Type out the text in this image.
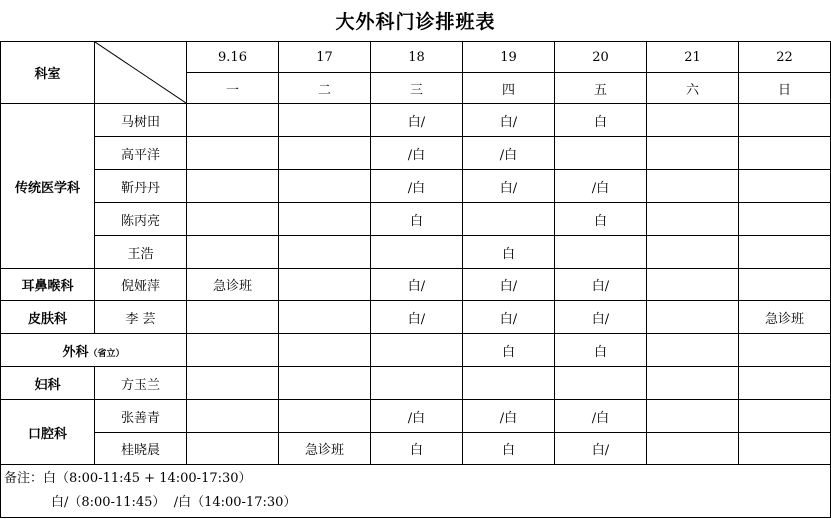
大外科门诊排班表
科室		9.16	17	18	19	20	21	22
		一	二	三	四	五	六	日
传统医学科	马树田			白/	白/	白		
	高平洋			/白	/白			
	靳丹丹			/白	白/	/白		
	陈丙亮			白		白		
	王浩				白			
耳鼻喉科	倪娅萍	急诊班		白/	白/	白/		
皮肤科	李 芸			白/	白/	白/		急诊班
外科（省立）					白	白		
妇科	方玉兰							
口腔科	张善青			/白	/白	/白		
	桂晓晨		急诊班	白	白	白/		

备注：白（8:00-11:45 + 14:00-17:30）
白/（8:00-11:45）  /白（14:00-17:30）								
